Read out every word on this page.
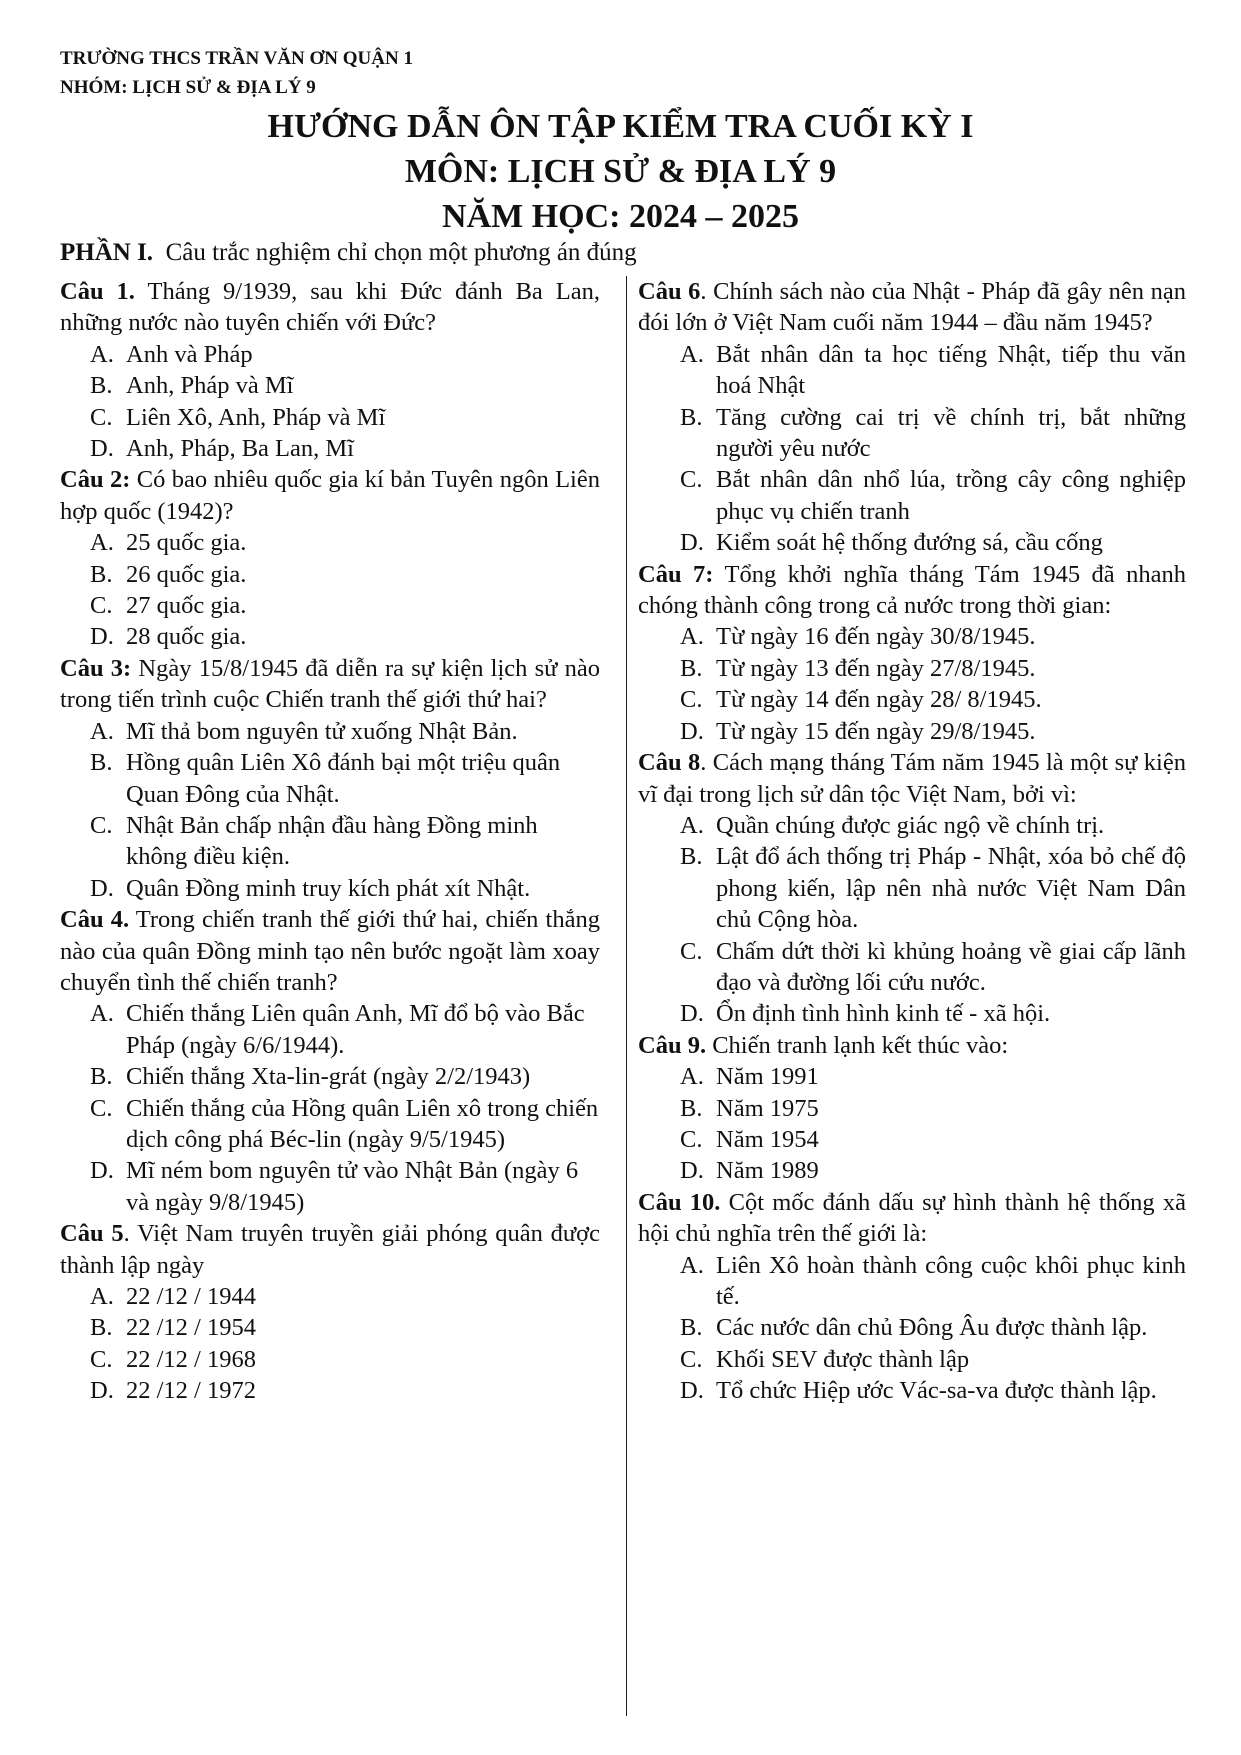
TRƯỜNG THCS TRẦN VĂN ƠN QUẬN 1
NHÓM: LỊCH SỬ & ĐỊA LÝ 9
HƯỚNG DẪN ÔN TẬP KIỂM TRA CUỐI KỲ I
MÔN: LỊCH SỬ & ĐỊA LÝ 9
NĂM HỌC: 2024 – 2025
PHẦN I. Câu trắc nghiệm chỉ chọn một phương án đúng
Câu 1. Tháng 9/1939, sau khi Đức đánh Ba Lan, những nước nào tuyên chiến với Đức?
A. Anh và Pháp
B. Anh, Pháp và Mĩ
C. Liên Xô, Anh, Pháp và Mĩ
D. Anh, Pháp, Ba Lan, Mĩ
Câu 2: Có bao nhiêu quốc gia kí bản Tuyên ngôn Liên hợp quốc (1942)?
A. 25 quốc gia.
B. 26 quốc gia.
C. 27 quốc gia.
D. 28 quốc gia.
Câu 3: Ngày 15/8/1945 đã diễn ra sự kiện lịch sử nào trong tiến trình cuộc Chiến tranh thế giới thứ hai?
A. Mĩ thả bom nguyên tử xuống Nhật Bản.
B. Hồng quân Liên Xô đánh bại một triệu quân Quan Đông của Nhật.
C. Nhật Bản chấp nhận đầu hàng Đồng minh không điều kiện.
D. Quân Đồng minh truy kích phát xít Nhật.
Câu 4. Trong chiến tranh thế giới thứ hai, chiến thắng nào của quân Đồng minh tạo nên bước ngoặt làm xoay chuyển tình thế chiến tranh?
A. Chiến thắng Liên quân Anh, Mĩ đổ bộ vào Bắc Pháp (ngày 6/6/1944).
B. Chiến thắng Xta-lin-grát (ngày 2/2/1943)
C. Chiến thắng của Hồng quân Liên xô trong chiến dịch công phá Béc-lin (ngày 9/5/1945)
D. Mĩ ném bom nguyên tử vào Nhật Bản (ngày 6 và ngày 9/8/1945)
Câu 5. Việt Nam truyên truyền giải phóng quân được thành lập ngày
A. 22 /12 / 1944
B. 22 /12 / 1954
C. 22 /12 / 1968
D. 22 /12 / 1972
Câu 6. Chính sách nào của Nhật - Pháp đã gây nên nạn đói lớn ở Việt Nam cuối năm 1944 – đầu năm 1945?
A. Bắt nhân dân ta học tiếng Nhật, tiếp thu văn hoá Nhật
B. Tăng cường cai trị về chính trị, bắt những người yêu nước
C. Bắt nhân dân nhổ lúa, trồng cây công nghiệp phục vụ chiến tranh
D. Kiểm soát hệ thống đướng sá, cầu cống
Câu 7: Tổng khởi nghĩa tháng Tám 1945 đã nhanh chóng thành công trong cả nước trong thời gian:
A. Từ ngày 16 đến ngày 30/8/1945.
B. Từ ngày 13 đến ngày 27/8/1945.
C. Từ ngày 14 đến ngày 28/ 8/1945.
D. Từ ngày 15 đến ngày 29/8/1945.
Câu 8. Cách mạng tháng Tám năm 1945 là một sự kiện vĩ đại trong lịch sử dân tộc Việt Nam, bởi vì:
A. Quần chúng được giác ngộ về chính trị.
B. Lật đổ ách thống trị Pháp - Nhật, xóa bỏ chế độ phong kiến, lập nên nhà nước Việt Nam Dân chủ Cộng hòa.
C. Chấm dứt thời kì khủng hoảng về giai cấp lãnh đạo và đường lối cứu nước.
D. Ổn định tình hình kinh tế - xã hội.
Câu 9. Chiến tranh lạnh kết thúc vào:
A. Năm 1991
B. Năm 1975
C. Năm 1954
D. Năm 1989
Câu 10. Cột mốc đánh dấu sự hình thành hệ thống xã hội chủ nghĩa trên thế giới là:
A. Liên Xô hoàn thành công cuộc khôi phục kinh tế.
B. Các nước dân chủ Đông Âu được thành lập.
C. Khối SEV được thành lập
D. Tổ chức Hiệp ước Vác-sa-va được thành lập.
